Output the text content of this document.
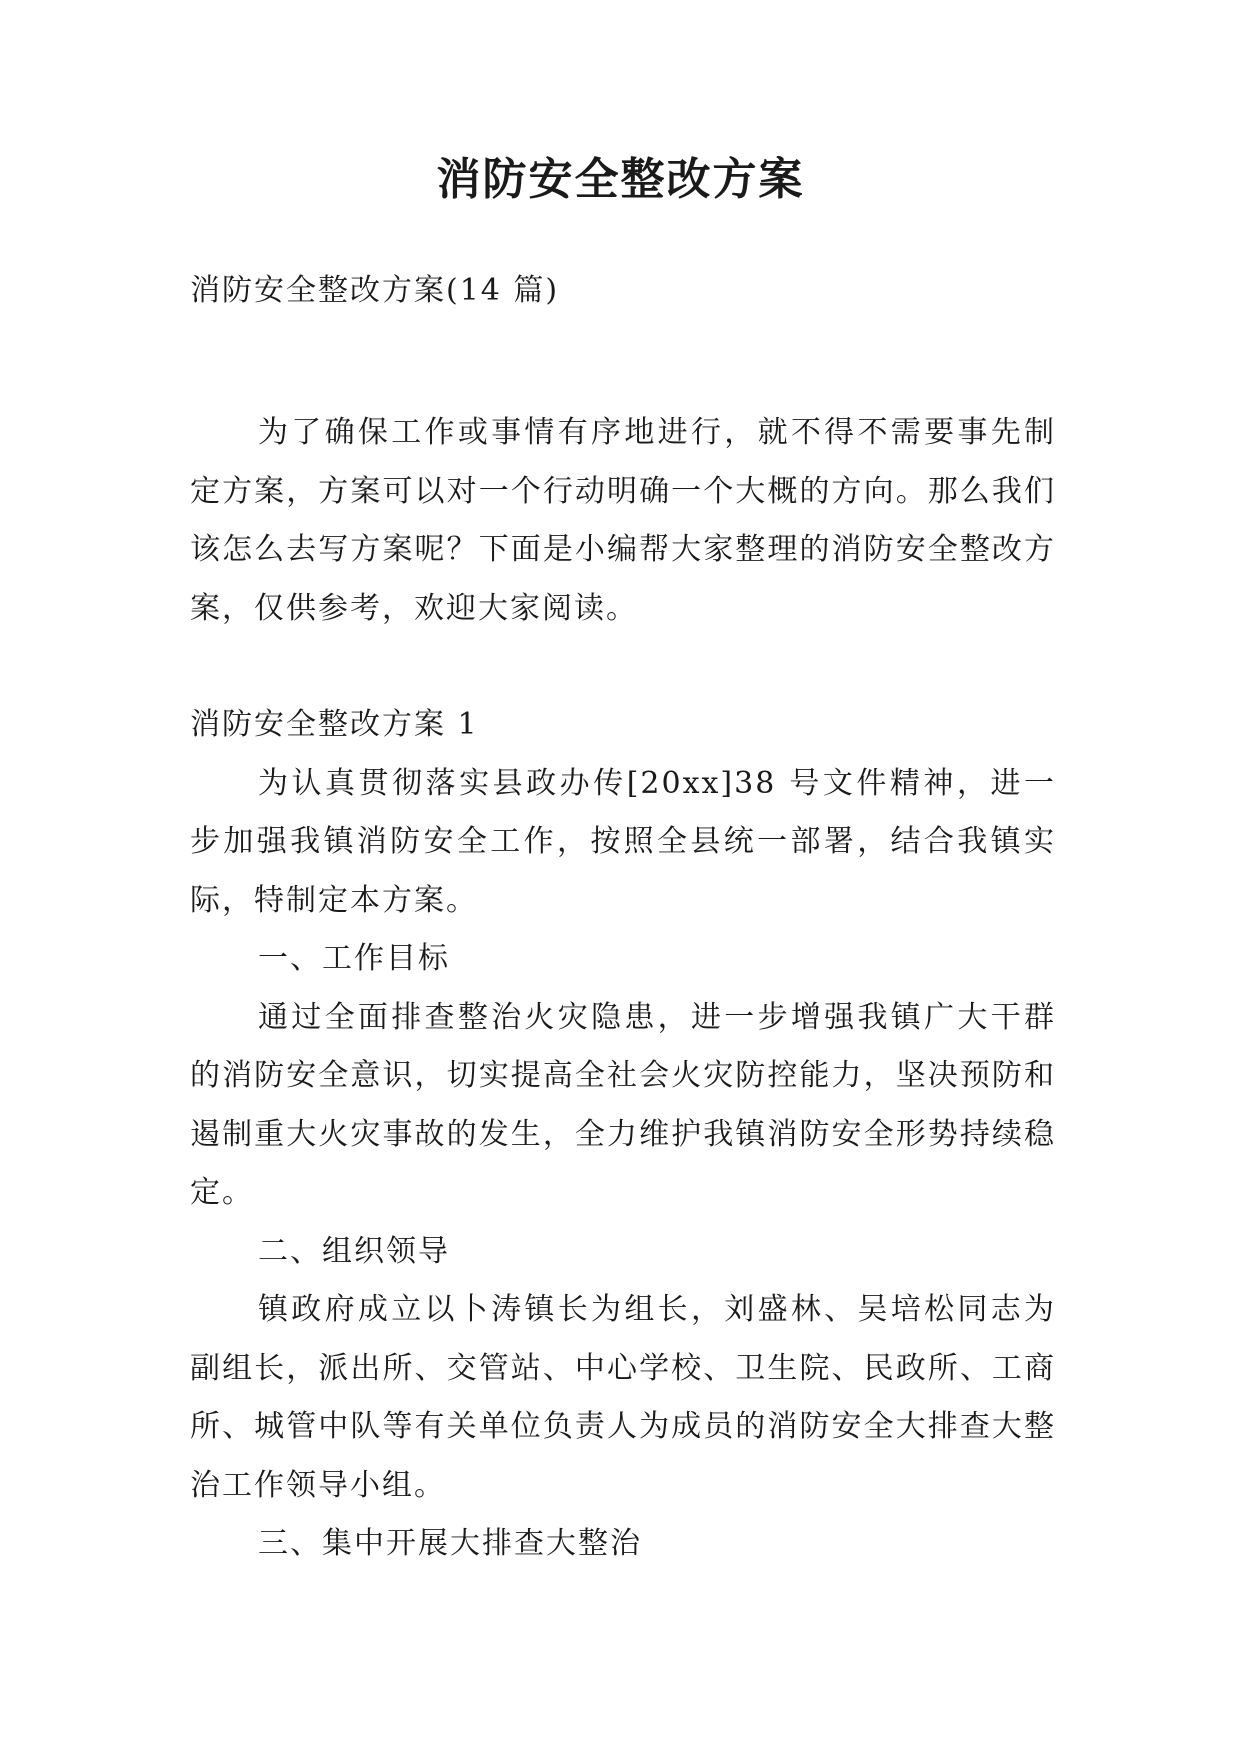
消防安全整改方案

消防安全整改方案(14 篇)

为了确保工作或事情有序地进行，就不得不需要事先制定方案，方案可以对一个行动明确一个大概的方向。那么我们该怎么去写方案呢？下面是小编帮大家整理的消防安全整改方案，仅供参考，欢迎大家阅读。

消防安全整改方案 1

为认真贯彻落实县政办传[20xx]38 号文件精神，进一步加强我镇消防安全工作，按照全县统一部署，结合我镇实际，特制定本方案。

一、工作目标

通过全面排查整治火灾隐患，进一步增强我镇广大干群的消防安全意识，切实提高全社会火灾防控能力，坚决预防和遏制重大火灾事故的发生，全力维护我镇消防安全形势持续稳定。

二、组织领导

镇政府成立以卜涛镇长为组长，刘盛林、吴培松同志为副组长，派出所、交管站、中心学校、卫生院、民政所、工商所、城管中队等有关单位负责人为成员的消防安全大排查大整治工作领导小组。

三、集中开展大排查大整治
